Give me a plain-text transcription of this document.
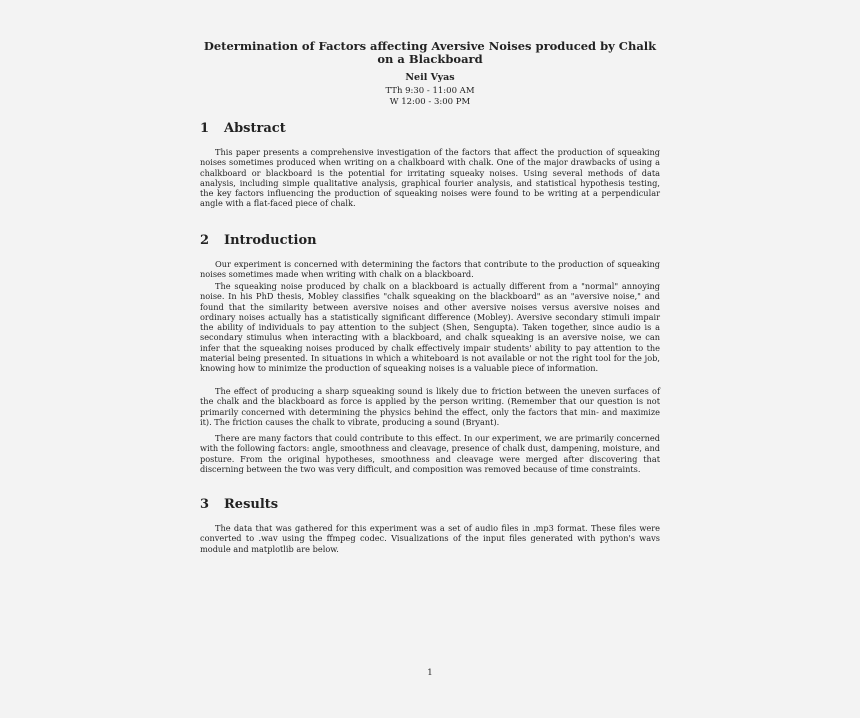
Determination of Factors affecting Aversive Noises produced by Chalk on a Blackboard
Neil Vyas
TTh 9:30 - 11:00 AM
W 12:00 - 3:00 PM
1 Abstract

This paper presents a comprehensive investigation of the factors that affect the production of squeaking noises sometimes produced when writing on a chalkboard with chalk. One of the major drawbacks of using a chalkboard or blackboard is the potential for irritating squeaky noises. Using several methods of data analysis, including simple qualitative analysis, graphical fourier analysis, and statistical hypothesis testing, the key factors influencing the production of squeaking noises were found to be writing at a perpendicular angle with a flat-faced piece of chalk.

2 Introduction

Our experiment is concerned with determining the factors that contribute to the production of squeaking noises sometimes made when writing with chalk on a blackboard.

The squeaking noise produced by chalk on a blackboard is actually different from a "normal" annoying noise. In his PhD thesis, Mobley classifies "chalk squeaking on the blackboard" as an "aversive noise," and found that the similarity between aversive noises and other aversive noises versus aversive noises and ordinary noises actually has a statistically significant difference (Mobley). Aversive secondary stimuli impair the ability of individuals to pay attention to the subject (Shen, Sengupta). Taken together, since audio is a secondary stimulus when interacting with a blackboard, and chalk squeaking is an aversive noise, we can infer that the squeaking noises produced by chalk effectively impair students' ability to pay attention to the material being presented. In situations in which a whiteboard is not available or not the right tool for the job, knowing how to minimize the production of squeaking noises is a valuable piece of information.

The effect of producing a sharp squeaking sound is likely due to friction between the uneven surfaces of the chalk and the blackboard as force is applied by the person writing. (Remember that our question is not primarily concerned with determining the physics behind the effect, only the factors that min- and maximize it). The friction causes the chalk to vibrate, producing a sound (Bryant).

There are many factors that could contribute to this effect. In our experiment, we are primarily concerned with the following factors: angle, smoothness and cleavage, presence of chalk dust, dampening, moisture, and posture. From the original hypotheses, smoothness and cleavage were merged after discovering that discerning between the two was very difficult, and composition was removed because of time constraints.

3 Results

The data that was gathered for this experiment was a set of audio files in .mp3 format. These files were converted to .wav using the ffmpeg codec. Visualizations of the input files generated with python's wavs module and matplotlib are below.

1
